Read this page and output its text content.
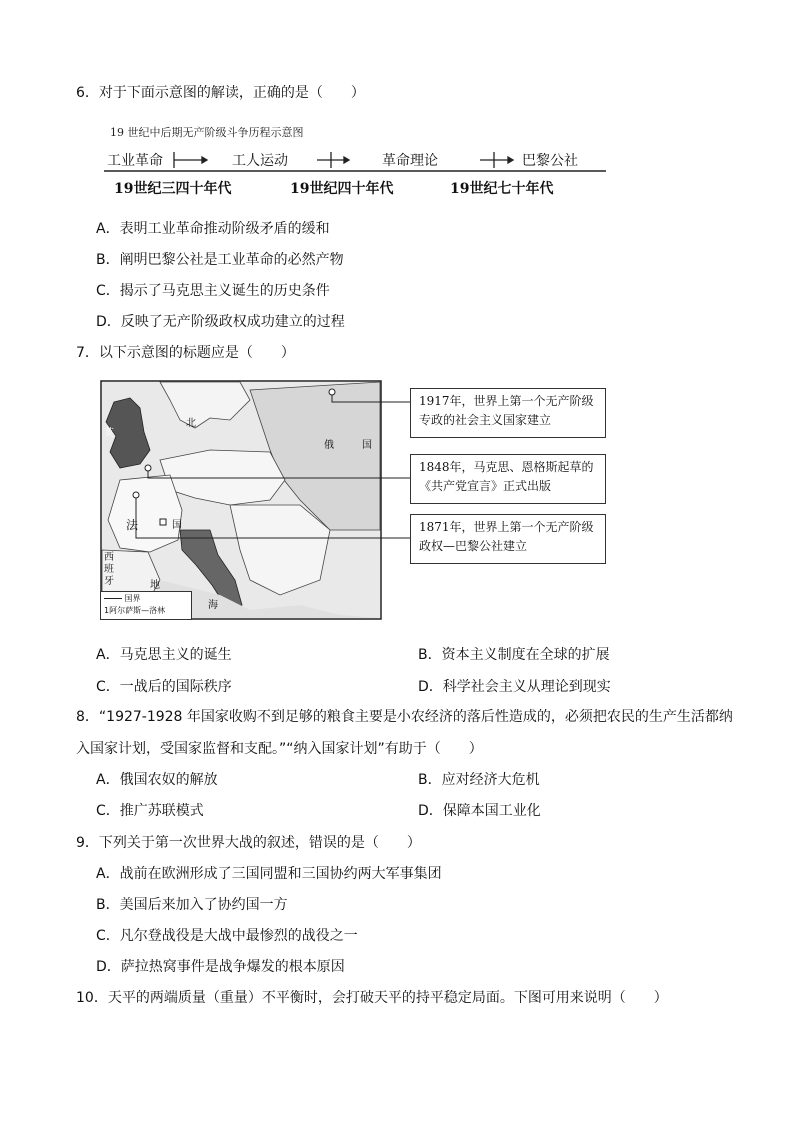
6．对于下面示意图的解读，正确的是（　　）
19 世纪中后期无产阶级斗争历程示意图
工业革命	工人运动	革命理论	巴黎公社
19世纪三四十年代	19世纪四十年代	19世纪七十年代
A．表明工业革命推动阶级矛盾的缓和
B．阐明巴黎公社是工业革命的必然产物
C．揭示了马克思主义诞生的历史条件
D．反映了无产阶级政权成功建立的过程
7．以下示意图的标题应是（　　）
英
北
俄	国
法	国
西
班
牙	地
海
国界
1阿尔萨斯—洛林
1917年，世界上第一个无产阶级专政的社会主义国家建立
1848年，马克思、恩格斯起草的《共产党宣言》正式出版
1871年，世界上第一个无产阶级政权—巴黎公社建立
A．马克思主义的诞生	B．资本主义制度在全球的扩展
C．一战后的国际秩序	D．科学社会主义从理论到现实
8．“1927-1928 年国家收购不到足够的粮食主要是小农经济的落后性造成的，必须把农民的生产生活都纳
入国家计划，受国家监督和支配。”“纳入国家计划”有助于（　　）
A．俄国农奴的解放	B．应对经济大危机
C．推广苏联模式	D．保障本国工业化
9．下列关于第一次世界大战的叙述，错误的是（　　）
A．战前在欧洲形成了三国同盟和三国协约两大军事集团
B．美国后来加入了协约国一方
C．凡尔登战役是大战中最惨烈的战役之一
D．萨拉热窝事件是战争爆发的根本原因
10．天平的两端质量（重量）不平衡时，会打破天平的持平稳定局面。下图可用来说明（　　）
